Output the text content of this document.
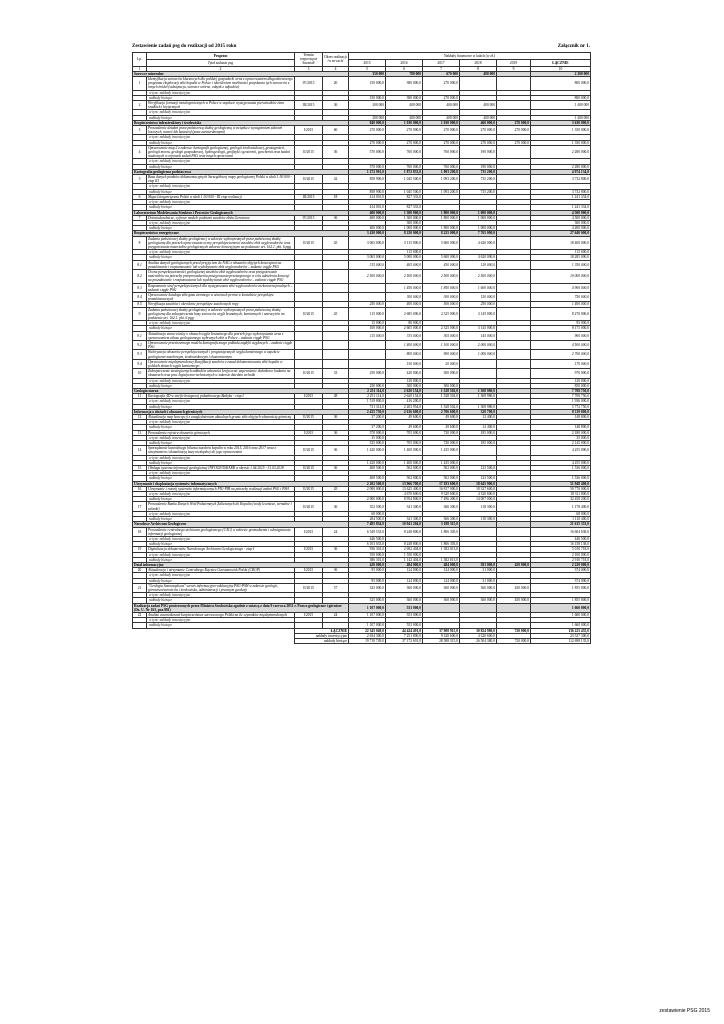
Zestawienie zadań psg do realizacji od 2015 roku	Załącznik nr 1.
Lp.	Program	Termin rozpoczęcia /kwartał/	Okres realizacji /w m-cach/	Nakłady finansowe w latach (w zł.)					
	Tytuł zadania psg			2015	2016	2017	2018	2019	ŁĄCZNIE
1	2	3	4	5	6	7	8	9	10
Surowce mineralne				350 000	780 000	670 000	400 000		2 200 000
1	Identyfikacja surowców kluczowych dla polskiej gospodarki wraz z opracowaniem długookresowego programu eksploracji złóż kopalin w Polsce i określeniem możliwości pozyskania tych surowców z innych źródeł (substytucja, surowce wtórne, odzysk z odpadów)	IV/2015	20	150 000,0	380 000,0	270 000,0			800 000,0
	w tym: nakłady inwestycyjne								
	nakłady bieżące			150 000,0	380 000,0	270 000,0			800 000,0
2	Weryfikacja formacji metalogenicznych w Polsce w aspekcie występowania pierwiastków ziem rzadkich i krytycznych	III/2015	36	200 000	400 000	400 000	400 000		1 400 000
	w tym: nakłady inwestycyjne								
	nakłady bieżące			200 000	400 000	400 000	400 000		1 400 000
Bezpieczeństwo infrastruktury i środowisko				840 000,0	1 030 000,0	1 030 000,0	460 000,0	270 000,0	3 630 000,0
3	Prowadzenie działań przez państwową służbę geologiczną w związku z wystąpieniem zdarzeń losowych, awarii lub katastrof (poza zatwierdzonymi)	I/2015	60	270 000,0	270 000,0	270 000,0	270 000,0	270 000,0	1 350 000,0
	w tym: nakłady inwestycyjne								
	nakłady bieżące			270 000,0	270 000,0	270 000,0	270 000,0	270 000,0	1 350 000,0
4	Opracowanie map 2 z zakresu: kartografii geologicznej, geologii środowiskowej, geozagrożeń, geologii morza, geologii gospodarczej, hydrogeologii, geofizyki i geotermii, geochemii oraz badań naukowych w rejonach zadań PSG oraz innych opracowań	II/2015	36	570 000,0	760 000,0	760 000,0	190 000,0		2 280 000,0
	w tym: nakłady inwestycyjne								
	nakłady bieżące			570 000,0	760 000,0	760 000,0	190 000,0		2 280 000,0
Kartografia geologiczna podstawowa				1 272 901,0	1 872 833,0	1 093 200,0	735 200,0		4 974 134,0
5	Baza danych punktów dokumentacyjnych Szczegółowej mapy geologicznej Polski w skali 1:50 000 - etap III	II/2015	42	858 900,0	1 045 500,0	1 093 200,0	735 200,0		3 732 800,0
	w tym: nakłady inwestycyjne								
	nakłady bieżące			858 900,0	1 045 500,0	1 093 200,0	735 200,0		3 732 800,0
6	Mapa Litogenetyczna Polski w skali 1:50 000 - III etap realizacji	III/2015	18	414 001,0	827 333,0				1 241 334,0
	w tym: nakłady inwestycyjne								
	nakłady bieżące			414 001,0	827 333,0				1 241 334,0
Laboratorium Modelowania Struktur i Procesów Geologicznych				400 000,0	1 300 000,0	1 800 000,0	1 000 000,0		4 500 000,0
7	Doświadczalnicze, cyfrowe modele podziemi zasobów złóża Gerenowa	IV/2015	36	400 000,0	1 300 000,0	1 800 000,0	1 000 000,0		4 500 000,0
	w tym: nakłady inwestycyjne				300 000,0				300 000,0
	nakłady bieżące			400 000,0	1 000 000,0	1 800 000,0	1 000 000,0		4 200 000,0
Bezpieczeństwo energetyczne				3 430 000,0	8 220 000,0	8 225 000,0	7 765 000,0		27 640 000,0
8	Zadania państwowej służby geologicznej w zakresie wykonywanych przez państwową służbę geologiczną dla potrzeb opracowania oceny perspektywiczności zasobów złóż węglowodorów oraz przygotowania materiałów geologicznych zakresie koncesyjnym na podstawie art. 162.1. pkt. 6 pgg	II/2015	45	3 065 000,0	5 115 000,0	5 600 000,0	4 620 000,0		18 400 000,0
	w tym: nakłady inwestycyjne				115 000,0				115 000,0
	nakłady bieżące			3 065 000,0	5 000 000,0	5 600 000,0	4 620 000,0		18 285 000,0
8.1	Analiza danych geologicznych przed przyjęciem do NAG z obszarów objętych koncesjami na poszukiwanie i rozpoznawanie lub wydobywanie złóż węglowodorów – zadanie ciągłe PSG			315 000,0	465 000,0	450 000,0	120 000,0		1 350 000,0
8.2	Ocena perspektywiczności geologicznej zasobów złóż węglowodorów oraz przygotowanie materiałów na potrzeby przeprowadzenia postępowania przetargowego w celu udzielenia koncesji na poszukiwanie i rozpoznawanie lub wydobywanie złóż węglowodorów – zadanie ciągłe PSG			2 500 000,0	2 500 000,0	2 500 000,0	2 500 000,0		10 000 000,0
8.3	Rozpoznanie stref perspektywicznych dla występowania złóż węglowodorów niekonwencjonalnych – zadanie ciągłe PSG				1 450 000,0	1 850 000,0	1 600 000,0		4 900 000,0
8.4	Opracowanie katalogu złóż gazu ziemnego w utworach permu w kontekście perspektyw poszukiwawczych				300 000,0	300 000,0	150 000,0		750 000,0
8.5	Weryfikacja zasobów i określenie perspektyw zasobowych ropy			250 000,0	400 000,0	500 000,0	250 000,0		1 400 000,0
9	Zadania państwowej służby geologicznej w zakresie wykonywanych przez państwową służbę geologiczną dla zabezpieczenia bazy surowców węgli brunatnych, kamiennych i antracytów na podstawie art. 162.1. pkt. 6 pgg	II/2015	45	115 000,0	2 685 000,0	2 325 000,0	3 145 000,0		8 270 000,0
	w tym: nakłady inwestycyjne			15 000,0	80 000,0				95 000,0
	nakłady bieżące			100 000,0	2 605 000,0	2 325 000,0	3 145 000,0		8 175 000,0
9.1	Aktualizacja stanu wiedzy o obszach węgla brunatnego dla potrzeb jego wykorzystania wraz z opracowaniem atlasu geologicznego wybranych złóż w Polsce – zadanie ciągłe PSG			115 000,0	335 000,0	305 000,0	145 000,0		900 000,0
9.2	Opracowanie przestrzennego modelu kartograficznego pokładu zagłębi węglowych – zadanie ciągłe PSG				1 400 000,0	1 100 000,0	2 000 000,0		4 500 000,0
9.3	Waloryzacja obszarów perspektywicznych i prognostycznych węgla kamiennego w aspekcie geologiczno-zasobowym, środowiskowym i ekonomicznym				800 000,0	900 000,0	1 000 000,0		2 700 000,0
9.4	Opracowanie międzynarodowej klasyfikacji zasobów z zasad dokumentowania złóż kopalin w polskich złożach węgla kamiennego				150 000,0	20 000,0			170 000,0
10	Zabezpieczenie strategicznych zakładów własności kraju oraz: zapewnienie dodatkowe badania na obszarach oraz prac logistyczno-technicznych w zakresie dziedzin techniki	II/2015	33	250 000,0	420 000,0	300 000,0			970 000,0
	w tym: nakłady inwestycyjne				120 000,0				120 000,0
	nakłady bieżące			250 000,0	300 000,0	300 000,0			850 000,0
Geologia morza				2 251 114,0	2 620 154,0	1 528 502,0	1 308 980,0		7 708 750,0
11	Kartografia 4D w strefie brzegowej południowego Bałtyku - etap I	I/2015	48	2 251 114,0	2 620 154,0	1 528 502,0	1 308 980,0		7 708 750,0
	w tym: nakłady inwestycyjne			1 519 800,0	416 200,0				1 936 000,0
	nakłady bieżące			731 314,0	2 203 954,0	1 528 502,0	1 308 980,0		5 772 750,0
Informacja o złożach i obszarach górniczych				2 435 730,0	2 616 600,0	2 706 600,0	320 700,0		8 119 800,0
12	Aktualizacja map koncepcji z uwzględnieniem aktualnych granic złóż objętych własnością górniczą	II/2015	36	37 200,0	49 600,0	49 600,0	12 400,0		148 800,0
	w tym: nakłady inwestycyjne								
	nakłady bieżące			37 200,0	49 600,0	49 600,0	12 400,0		148 800,0
13	Prowadzenie rejestru obszarów górniczych	I/2015	36	570 000,0	705 000,0	720 000,0	185 000,0		2 180 000,0
	w tym: nakłady inwestycyjne			35 000,0					35 000,0
	nakłady bieżące			535 000,0	705 000,0	720 000,0	185 000,0		2 145 000,0
14	Sporządzanie kwartalnego bilansu zasobów kopalin w roku 2015, 2016 oraz 2017 wraz z utrzymaniem i aktualizacją bazy niezbędnej do jego opracowania	II/2015	36	1 420 000,0	1 400 000,0	1 435 000,0			4 255 000,0
	w tym: nakłady inwestycyjne								
	nakłady bieżące			1 420 000,0	1 400 000,0	1 435 000,0			4 255 000,0
15	Obsługa systemu informacji geologicznej INFOGEOSKARB w okresie 1.04.2015 - 31.03.2018	II/2015	36	408 500,0	502 000,0	502 000,0	123 500,0		1 536 000,0
	w tym: nakłady inwestycyjne								
	nakłady bieżące			408 500,0	502 000,0	502 000,0	123 500,0		1 536 000,0
Utrzymanie i eksploatacja systemów informatycznych				2 202 500,0	13 966 700,0	17 183 600,0	18 645 900,0		51 948 400,0
16	Utrzymanie i rozwój systemów informatycznych PIG-PIB na potrzeby realizacji zadań PSG i PSH	II/2015	45	2 000 000,0	13 625 400,0	16 817 000,0	18 327 600,0		50 770 000,0
	w tym: nakłady inwestycyjne				4 670 600,0	9 320 600,0	4 320 600,0		18 311 800,0
	nakłady bieżące			2 000 000,0	8 954 800,0	7 496 400,0	14 007 000,0		32 458 200,0
17	Prowadzenie Banku Danych Wód Podziemnych Zaliczanych do Kopalin (wody lecznicze, termalne i solanki)	II/2015	36	352 500,0	341 300,0	366 300,0	118 300,0		1 178 400,0
	w tym: nakłady inwestycyjne			68 000,0					68 000,0
	nakłady bieżące			284 500,0	341 300,0	366 300,0	118 300,0		1 110 400,0
Narodowe Archiwum Geologiczne				7 485 834,0	10 941 204,0	3 188 315,0			21 615 353,0
18	Prowadzenie centralnego archiwum geologicznego (CAG) w zakresie gromadzenia i udostępniania informacji geologicznej	I/2015	24	6 549 533,0	8 248 800,0	1 806 305,0			16 604 638,0
	w tym: nakłady inwestycyjne			446 500,0					446 500,0
	nakłady bieżące			6 103 033,0	8 248 800,0	1 806 305,0			16 158 138,0
19	Digitalizacja dokumentów Narodowego Archiwum Geologicznego - etap I	I/2015	36	936 301,0	2 692 404,0	1 382 013,0			5 010 718,0
	w tym: nakłady inwestycyjne			550 000,0	1 550 000,0				2 100 000,0
	nakłady bieżące			386 301,0	1 142 404,0	1 382 013,0			2 910 718,0
Dział informacyjny				420 000,0	484 000,0	484 000,0	391 000,0	450 000,0	2 229 000,0
20	Aktualizacja i utrzymanie Centralnego Rejestru Geostanowisk Polski (CRGP)	I/2015	36	95 000,0	124 000,0	124 000,0	31 000,0		374 000,0
	w tym: nakłady inwestycyjne								
	nakłady bieżące			95 000,0	124 000,0	124 000,0	31 000,0		374 000,0
21	"Geologia Samorządowa" serwis informacyjno-edukacyjny PSG-PSH w zakresie geologii, górnictwa/surowców i środowiska, administracji i prawnym geodezji	II/2015	57	325 000,0	360 000,0	360 000,0	360 000,0	450 000,0	1 855 000,0
	w tym: nakłady inwestycyjne								
	nakłady bieżące			325 000,0	360 000,0	360 000,0	360 000,0	450 000,0	1 855 000,0
Realizacja zadań PSG powierzonych przez Ministra Środowiska zgodnie z ustawą z dnia 9 czerwca 2011 r. Prawo geologiczne i górnicze (Dz. U. Nr 163, poz.981)				1 107 000,0	553 000,0				1 660 000,0
22	Analiza uwarunkowań bezpieczeństwa surowcowego Polski na tle czynników międzynarodowych	I/2015	24	1 107 000,0	553 000,0				1 660 000,0
	w tym: nakłady inwestycyjne								
	nakłady bieżące			1 107 000,0	553 000,0				1 660 000,0
		ŁĄCZNIE		22 345 049,0	44 424 491,0	37 908 915,0	30 824 980,0	720 000,0	136 225 435,0
		nakłady inwestycyjne		2 634 300,0	7 251 800,0	9 320 600,0	4 320 600,0		23 527 300,0
		nakłady bieżące		19 710 749,0	37 172 691,0	28 588 315,0	26 504 380,0	720 000,0	112 698 135,0
zestawienie PSG 2015
